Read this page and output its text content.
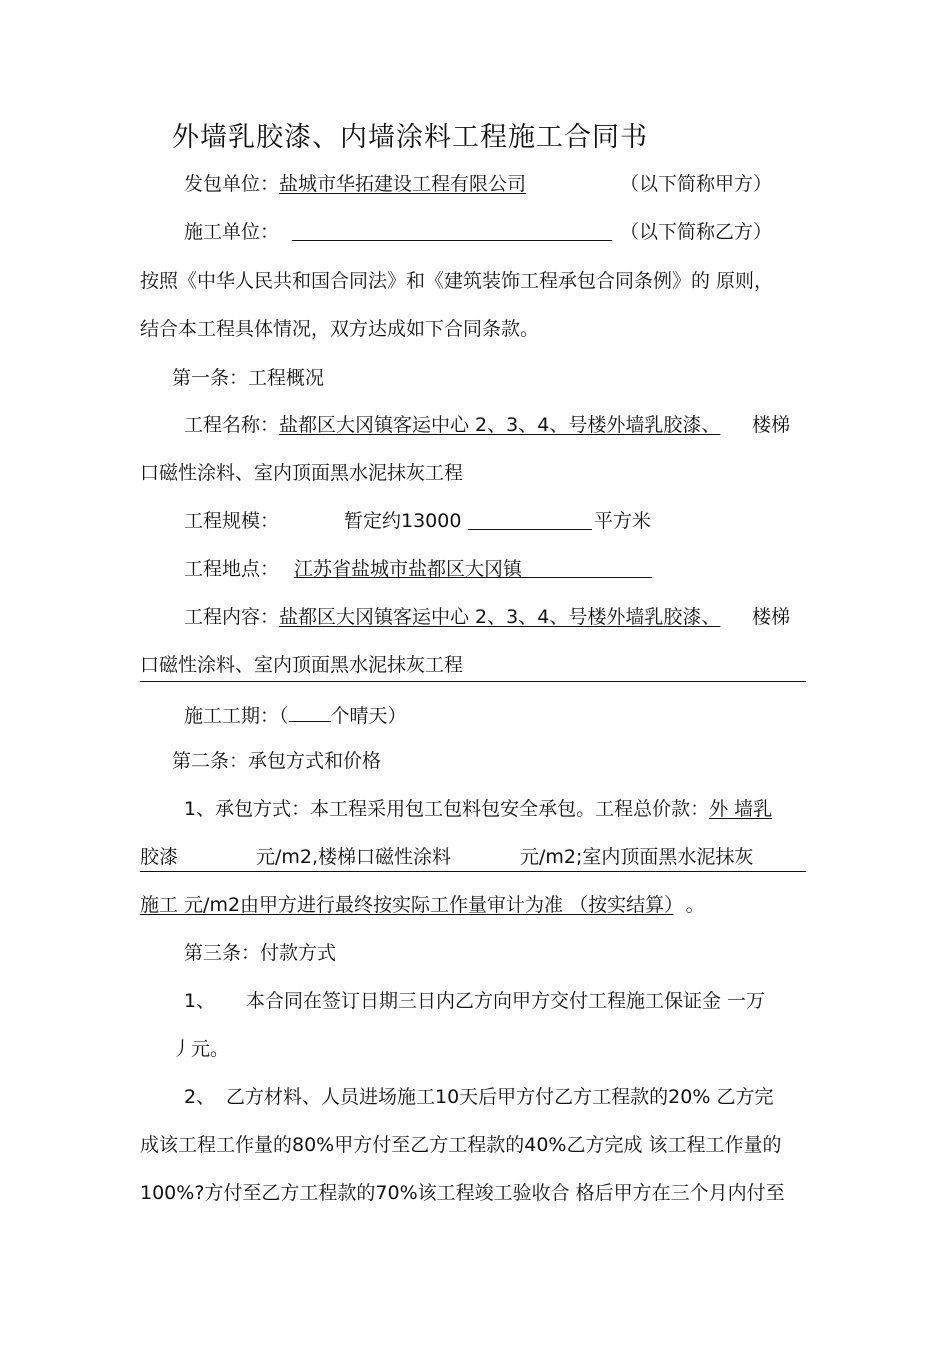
外墙乳胶漆、内墙涂料工程施工合同书
发包单位：盐城市华拓建设工程有限公司	（以下简称甲方）
施工单位：	（以下简称乙方）
按照《中华人民共和国合同法》和《建筑装饰工程承包合同条例》的 原则，
结合本工程具体情况，双方达成如下合同条款。
第一条：工程概况
工程名称：盐都区大冈镇客运中心 2、3、4、号楼外墙乳胶漆、 楼梯
口磁性涂料、室内顶面黑水泥抹灰工程
工程规模：	暂定约13000	平方米
工程地点： 江苏省盐城市盐都区大冈镇
工程内容：盐都区大冈镇客运中心 2、3、4、号楼外墙乳胶漆、 楼梯
口磁性涂料、室内顶面黑水泥抹灰工程
施工工期：（ 个晴天）
第二条：承包方式和价格
1、承包方式：本工程采用包工包料包安全承包。工程总价款：外 墙乳
胶漆	元/m2,楼梯口磁性涂料	元/m2;室内顶面黑水泥抹灰
施工 元/m2由甲方进行最终按实际工作量审计为准 （按实结算） 。
第三条：付款方式
1、 本合同在签订日期三日内乙方向甲方交付工程施工保证金 一万
丿元。
2、 乙方材料、人员进场施工10天后甲方付乙方工程款的20% 乙方完
成该工程工作量的80%甲方付至乙方工程款的40%乙方完成 该工程工作量的
100%?方付至乙方工程款的70%该工程竣工验收合 格后甲方在三个月内付至
